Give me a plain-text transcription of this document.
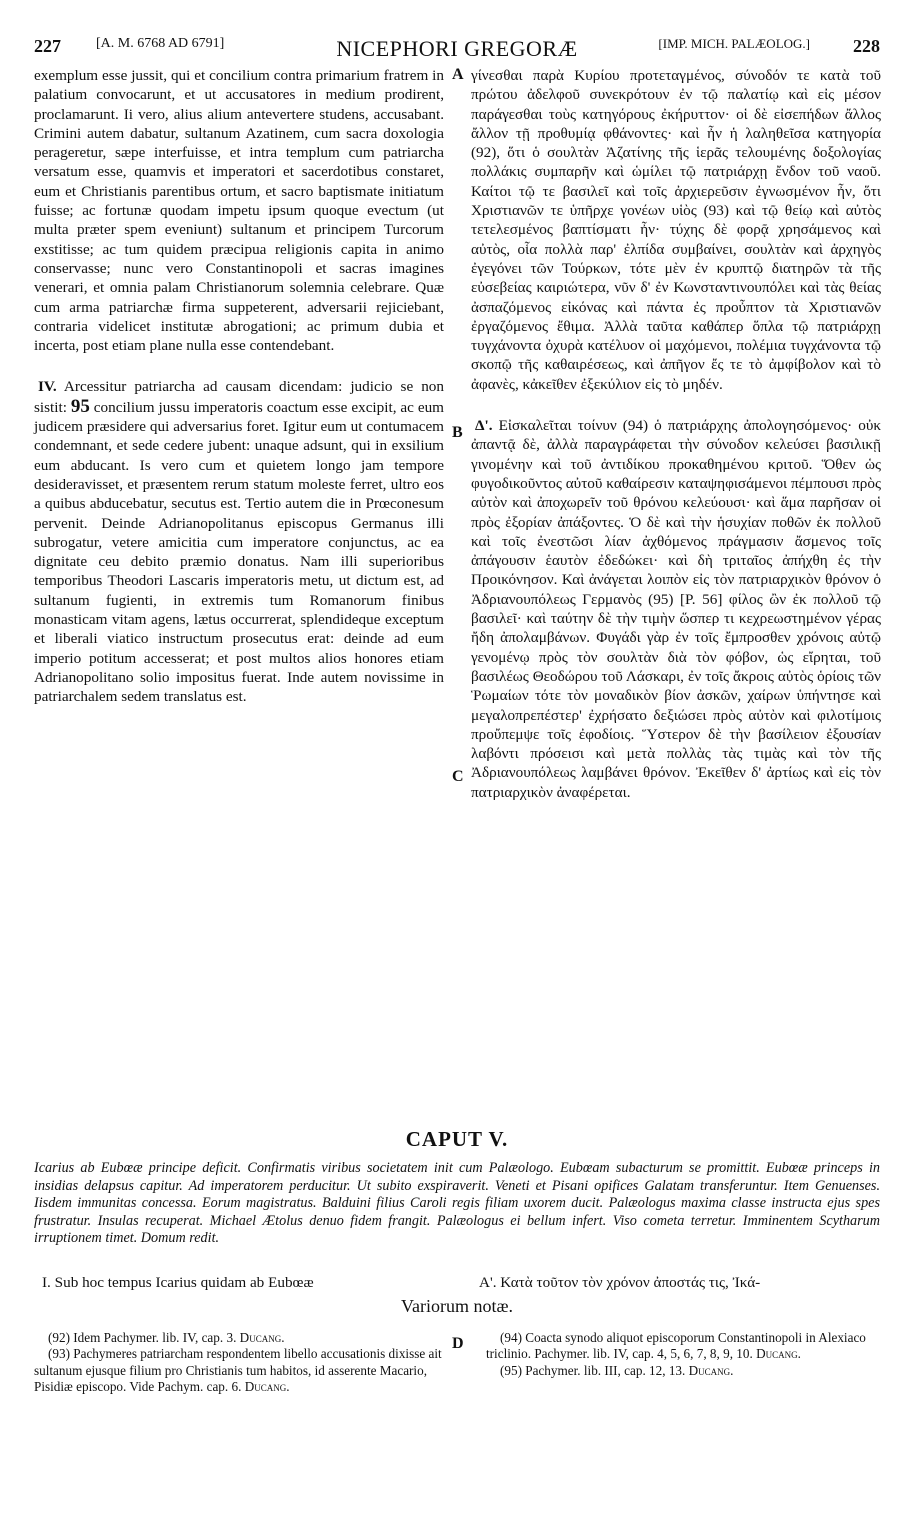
227	[A. M. 6768 AD 6791]	NICEPHORI GREGORÆ	[IMP. MICH. PALÆOLOG.] 228
A
B
C
D

exemplum esse jussit, qui et concilium contra primarium fratrem in palatium convocarunt, et ut accusatores in medium prodirent, proclamarunt. Ii vero, alius alium anteverterе studens, accusabant. Crimini autem dabatur, sultanum Azatinem, cum sacra doxologia perageretur, sæpe interfuisse, et intra templum cum patriarcha versatum esse, quamvis et imperatori et sacerdotibus constaret, eum et Christianis parentibus ortum, et sacro baptismate initiatum fuisse; ac fortunæ quodam impetu ipsum quoque evectum (ut multa præter spem eveniunt) sultanum et principem Turcorum exstitisse; ac tum quidem præcipua religionis capita in animo conservasse; nunc vero Constantinopoli et sacras imagines venerari, et omnia palam Christianorum solemnia celebrare. Quæ cum arma patriarchæ firma suppeterent, adversarii rejiciebant, contraria videlicet institutæ abrogationi; ac primum dubia et incerta, post etiam plane nulla esse contendebant.

IV. Arcessitur patriarcha ad causam dicendam: judicio se non sistit: 95 concilium jussu imperatoris coactum esse excipit, ac eum judicem præsidere qui adversarius foret. Igitur eum ut contumacem condemnant, et sede cedere jubent: unaque adsunt, qui in exsilium eum abducant. Is vero cum et quietem longo jam tempore desideravisset, et præsentem rerum statum moleste ferret, ultro eos a quibus abducebatur, secutus est. Tertio autem die in Prœconesum pervenit. Deinde Adrianopolitanus episcopus Germanus illi subrogatur, vetere amicitia cum imperatore conjunctus, ac ea dignitate ceu debito præmio donatus. Nam illi superioribus temporibus Theodori Lascaris imperatoris metu, ut dictum est, ad sultanum fugienti, in extremis tum Romanorum finibus monasticam vitam agens, lætus occurrerat, splendideque exceptum et liberali viatico instructum prosecutus erat: deinde ad eum imperio potitum accesserat; et post multos alios honores etiam Adrianopolitano solio impositus fuerat. Inde autem novissime in patriarchalem sedem translatus est.

γίνεσθαι παρὰ Κυρίου προτεταγμένος, σύνοδόν τε κατὰ τοῦ πρώτου ἀδελφοῦ συνεκρότουν ἐν τῷ παλατίῳ καὶ εἰς μέσον παράγεσθαι τοὺς κατηγόρους ἐκήρυττον· οἱ δὲ εἰσεπήδων ἄλλος ἄλλον τῇ προθυμίᾳ φθάνοντες· καὶ ἦν ἡ λαληθεῖσα κατηγορία (92), ὅτι ὁ σουλτὰν Ἀζατίνης τῆς ἱερᾶς τελουμένης δοξολογίας πολλάκις συμπαρῆν καὶ ὡμίλει τῷ πατριάρχῃ ἔνδον τοῦ ναοῦ. Καίτοι τῷ τε βασιλεῖ καὶ τοῖς ἀρχιερεῦσιν ἐγνωσμένον ἦν, ὅτι Χριστιανῶν τε ὑπῆρχε γονέων υἱὸς (93) καὶ τῷ θείῳ καὶ αὐτὸς τετελεσμένος βαπτίσματι ἦν· τύχης δὲ φορᾷ χρησάμενος καὶ αὐτὸς, οἷα πολλὰ παρ' ἐλπίδα συμβαίνει, σουλτὰν καὶ ἀρχηγὸς ἐγεγόνει τῶν Τούρκων, τότε μὲν ἐν κρυπτῷ διατηρῶν τὰ τῆς εὐσεβείας καιριώτερα, νῦν δ' ἐν Κωνσταντινουπόλει καὶ τὰς θείας ἀσπαζόμενος εἰκόνας καὶ πάντα ἐς προὖπτον τὰ Χριστιανῶν ἐργαζόμενος ἔθιμα. Ἀλλὰ ταῦτα καθάπερ ὅπλα τῷ πατριάρχῃ τυγχάνοντα ὀχυρὰ κατέλυον οἱ μαχόμενοι, πολέμια τυγχάνοντα τῷ σκοπῷ τῆς καθαιρέσεως, καὶ ἀπῆγον ἔς τε τὸ ἀμφίβολον καὶ τὸ ἀφανὲς, κἀκεῖθεν ἐξεκύλιον εἰς τὸ μηδέν.

Δ'. Εἰσκαλεῖται τοίνυν (94) ὁ πατριάρχης ἀπολογησόμενος· οὐκ ἀπαντᾷ δὲ, ἀλλὰ παραγράφεται τὴν σύνοδον κελεύσει βασιλικῇ γινομένην καὶ τοῦ ἀντιδίκου προκαθημένου κριτοῦ. Ὅθεν ὡς φυγοδικοῦντος αὐτοῦ καθαίρεσιν καταψηφισάμενοι πέμπουσι πρὸς αὐτὸν καὶ ἀποχωρεῖν τοῦ θρόνου κελεύουσι· καὶ ἅμα παρῆσαν οἱ πρὸς ἐξορίαν ἀπάξοντες. Ὁ δὲ καὶ τὴν ἡσυχίαν ποθῶν ἐκ πολλοῦ καὶ τοῖς ἐνεστῶσι λίαν ἀχθόμενος πράγμασιν ἄσμενος τοῖς ἀπάγουσιν ἑαυτὸν ἐδεδώκει· καὶ δὴ τριταῖος ἀπήχθη ἐς τὴν Προικόνησον. Καὶ ἀνάγεται λοιπὸν εἰς τὸν πατριαρχικὸν θρόνον ὁ Ἀδριανουπόλεως Γερμανὸς (95) [P. 56] φίλος ὢν ἐκ πολλοῦ τῷ βασιλεῖ· καὶ ταύτην δὲ τὴν τιμὴν ὥσπερ τι κεχρεωστημένον γέρας ἤδη ἀπολαμβάνων. Φυγάδι γὰρ ἐν τοῖς ἔμπροσθεν χρόνοις αὐτῷ γενομένῳ πρὸς τὸν σουλτὰν διὰ τὸν φόβον, ὡς εἴρηται, τοῦ βασιλέως Θεοδώρου τοῦ Λάσκαρι, ἐν τοῖς ἄκροις αὐτὸς ὁρίοις τῶν Ῥωμαίων τότε τὸν μοναδικὸν βίον ἀσκῶν, χαίρων ὑπήντησε καὶ μεγαλοπρεπέστερ' ἐχρήσατο δεξιώσει πρὸς αὐτὸν καὶ φιλοτίμοις προὔπεμψε τοῖς ἐφοδίοις. Ὕστερον δὲ τὴν βασίλειον ἐξουσίαν λαβόντι πρόσεισι καὶ μετὰ πολλὰς τὰς τιμὰς καὶ τὸν τῆς Ἀδριανουπόλεως λαμβάνει θρόνον. Ἐκεῖθεν δ' ἀρτίως καὶ εἰς τὸν πατριαρχικὸν ἀναφέρεται.

CAPUT V.
Icarius ab Eubœæ principe deficit. Confirmatis viribus societatem init cum Palæologo. Eubœam subacturum se promittit. Eubœæ princeps in insidias delapsus capitur. Ad imperatorem perducitur. Ut subito exspiraverit. Veneti et Pisani opifices Galatam transferuntur. Item Genuenses. Iisdem immunitas concessa. Eorum magistratus. Balduini filius Caroli regis filiam uxorem ducit. Palæologus maxima classe instructa ejus spes frustratur. Insulas recuperat. Michael Ætolus denuo fidem frangit. Palæologus ei bellum infert. Viso cometa terretur. Imminentem Scytharum irruptionem timet. Domum redit.
I. Sub hoc tempus Icarius quidam ab Eubœæ	Α'. Κατὰ τοῦτον τὸν χρόνον ἀποστάς τις, Ἰκά-
Variorum notæ.

(92) Idem Pachymer. lib. IV, cap. 3. Ducang.

(93) Pachymeres patriarcham respondentem libello accusationis dixisse ait sultanum ejusque filium pro Christianis tum habitos, id asserente Macario, Pisidiæ episcopo. Vide Pachym. cap. 6. Ducang.

(94) Coacta synodo aliquot episcoporum Constantinopoli in Alexiaco triclinio. Pachymer. lib. IV, cap. 4, 5, 6, 7, 8, 9, 10. Ducang.

(95) Pachymer. lib. III, cap. 12, 13. Ducang.
